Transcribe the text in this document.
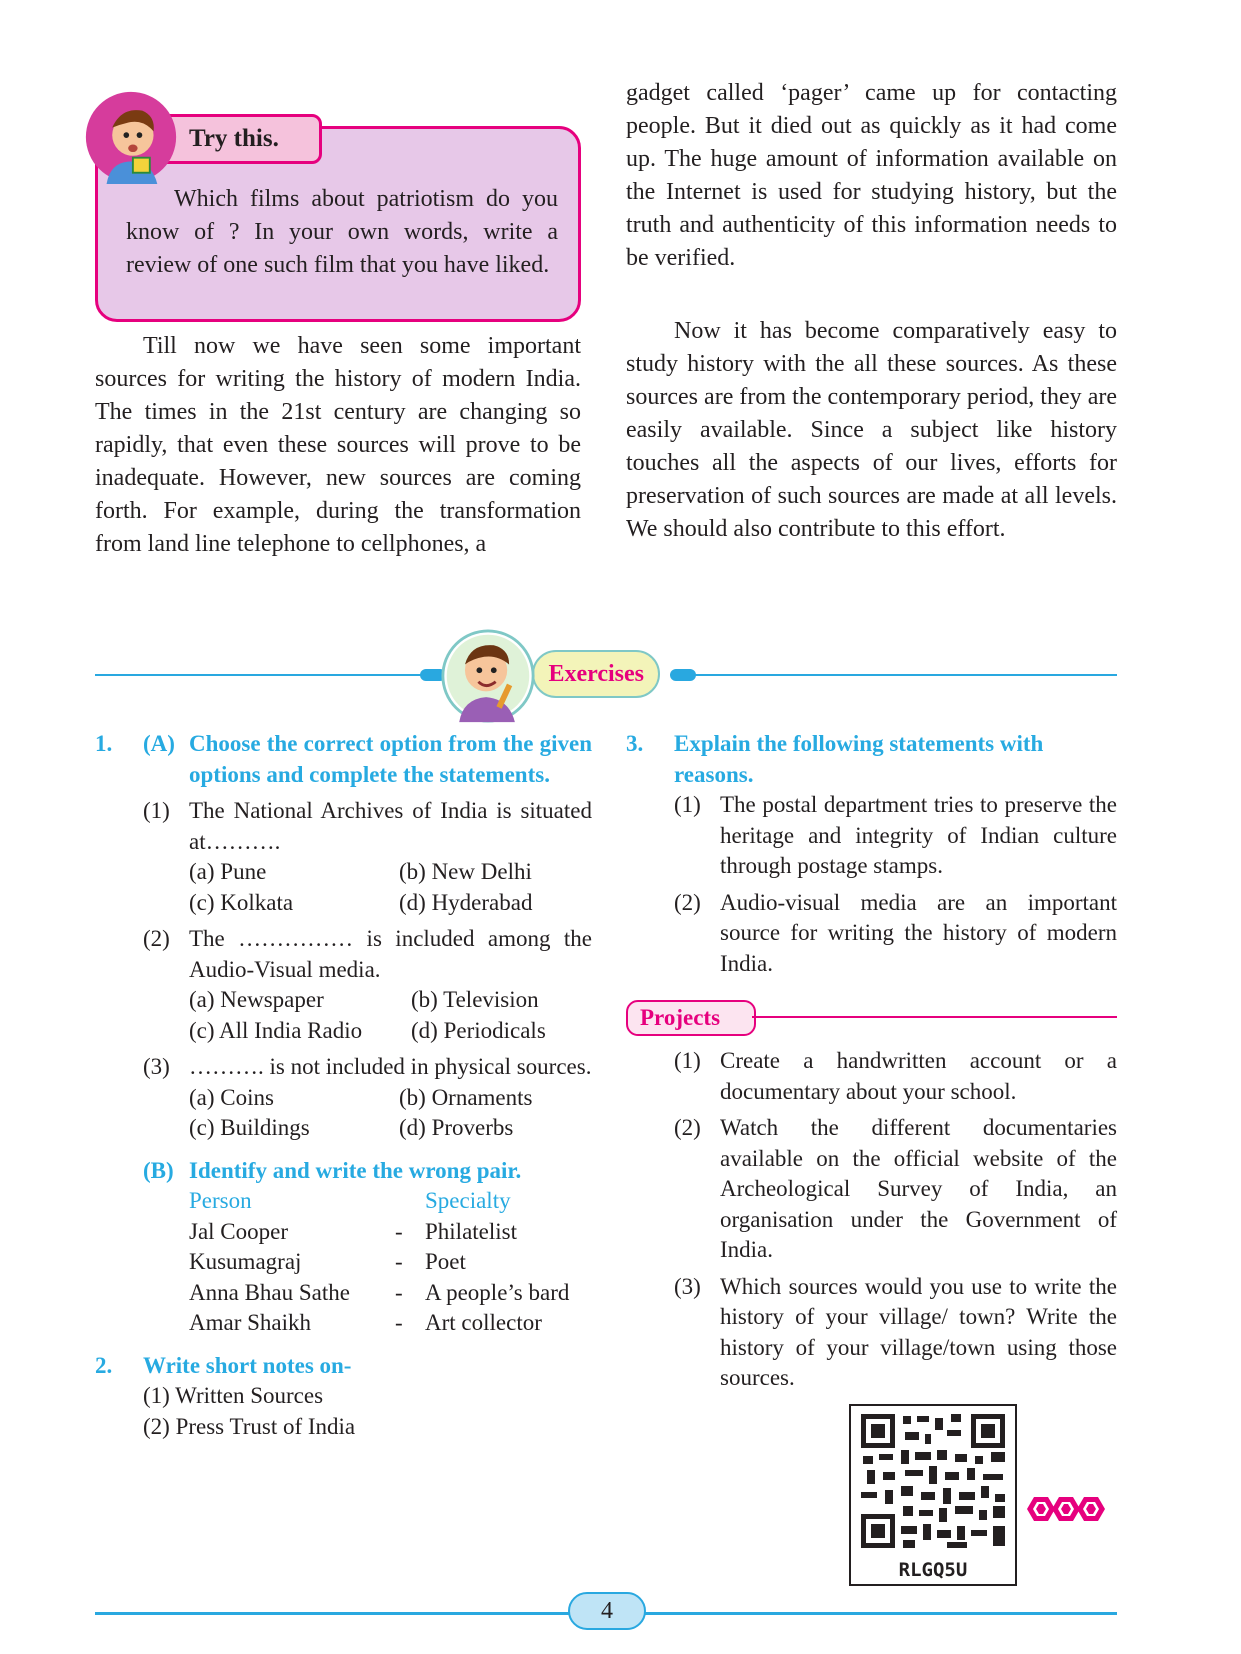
Try this.

Which films about patriotism do you know of ? In your own words, write a review of one such film that you have liked.

Till now we have seen some important sources for writing the history of modern India. The times in the 21st century are changing so rapidly, that even these sources will prove to be inadequate. However, new sources are coming forth. For example, during the transformation from land line telephone to cellphones, a

gadget called ‘pager’ came up for contacting people. But it died out as quickly as it had come up. The huge amount of information available on the Internet is used for studying history, but the truth and authenticity of this information needs to be verified.

Now it has become comparatively easy to study history with the all these sources. As these sources are from the contemporary period, they are easily available. Since a subject like history touches all the aspects of our lives, efforts for preservation of such sources are made at all levels. We should also contribute to this effort.

Exercises
1.	(A) Choose the correct option from the given options and complete the statements.
(1) The National Archives of India is situated at……….
(a) Pune	(b) New Delhi
(c) Kolkata	(d) Hyderabad
(2) The …………… is included among the Audio-Visual media.
(a) Newspaper	(b) Television
(c) All India Radio	(d) Periodicals
(3) ………. is not included in physical sources.
(a) Coins	(b) Ornaments
(c) Buildings	(d) Proverbs
(B) Identify and write the wrong pair.
Person	Specialty
Jal Cooper	- Philatelist
Kusumagraj	- Poet
Anna Bhau Sathe	- A people’s bard
Amar Shaikh	- Art collector
2.	Write short notes on-
(1) Written Sources
(2) Press Trust of India
3.	Explain the following statements with reasons.
(1) The postal department tries to preserve the heritage and integrity of Indian culture through postage stamps.
(2) Audio-visual media are an important source for writing the history of modern India.
Projects
(1) Create a handwritten account or a documentary about your school.
(2) Watch the different documentaries available on the official website of the Archeological Survey of India, an organisation under the Government of India.
(3) Which sources would you use to write the history of your village/ town? Write the history of your village/town using those sources.
RLGQ5U
4
